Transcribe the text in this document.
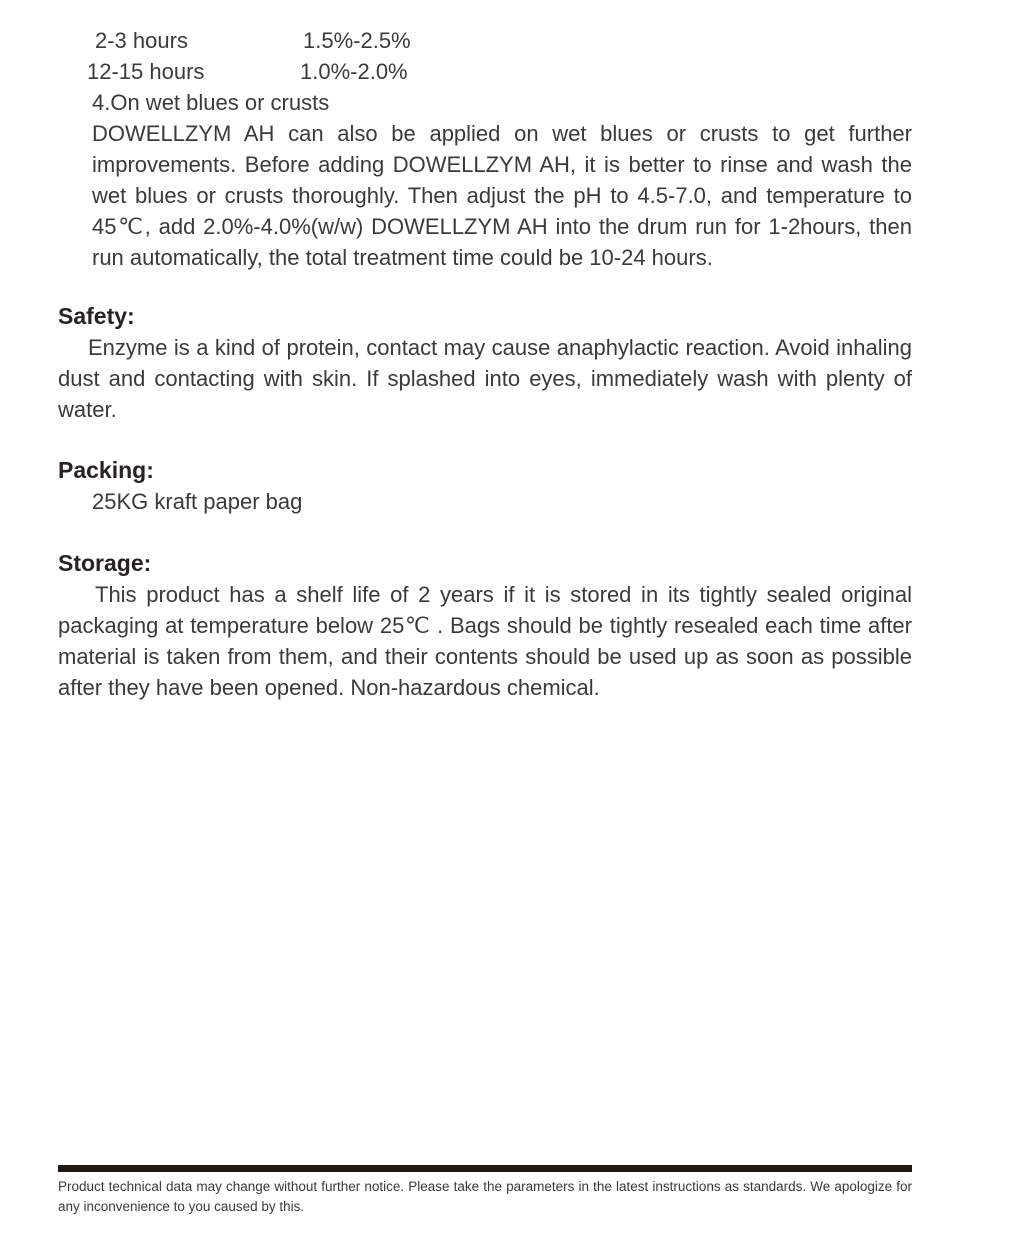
2-3 hours	1.5%-2.5%
12-15 hours	1.0%-2.0%
4.On wet blues or crusts

DOWELLZYM AH can also be applied on wet blues or crusts to get further improvements. Before adding DOWELLZYM AH, it is better to rinse and wash the wet blues or crusts thoroughly. Then adjust the pH to 4.5-7.0, and temperature to 45℃, add 2.0%-4.0%(w/w) DOWELLZYM AH into the drum run for 1-2hours, then run automatically, the total treatment time could be 10-24 hours.

Safety:

Enzyme is a kind of protein, contact may cause anaphylactic reaction. Avoid inhaling dust and contacting with skin. If splashed into eyes, immediately wash with plenty of water.

Packing:

25KG kraft paper bag

Storage:

This product has a shelf life of 2 years if it is stored in its tightly sealed original packaging at temperature below 25℃ . Bags should be tightly resealed each time after material is taken from them, and their contents should be used up as soon as possible after they have been opened. Non-hazardous chemical.

Product technical data may change without further notice. Please take the parameters in the latest instructions as standards. We apologize for any inconvenience to you caused by this.
